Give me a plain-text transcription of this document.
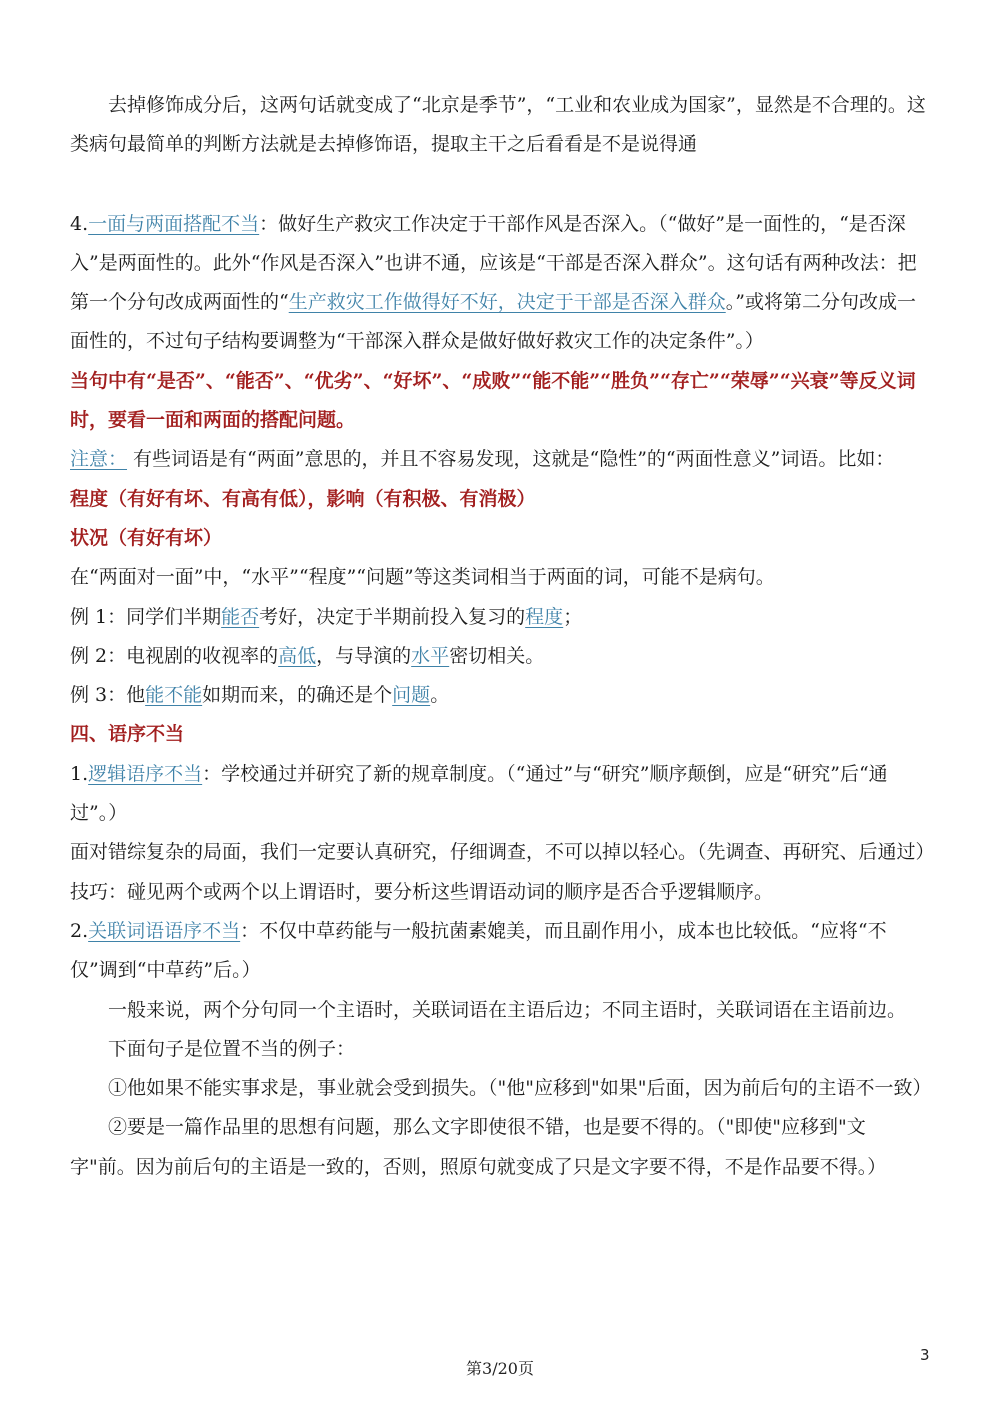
去掉修饰成分后，这两句话就变成了“北京是季节”，“工业和农业成为国家”，显然是不合理的。这类病句最简单的判断方法就是去掉修饰语，提取主干之后看看是不是说得通

4.一面与两面搭配不当：做好生产救灾工作决定于干部作风是否深入。（“做好”是一面性的，“是否深入”是两面性的。此外“作风是否深入”也讲不通，应该是“干部是否深入群众”。这句话有两种改法：把第一个分句改成两面性的“生产救灾工作做得好不好，决定于干部是否深入群众。”或将第二分句改成一面性的，不过句子结构要调整为“干部深入群众是做好做好救灾工作的决定条件”。）

当句中有“是否”、“能否”、“优劣”、“好坏”、“成败”“能不能”“胜负”“存亡”“荣辱”“兴衰”等反义词时，要看一面和两面的搭配问题。

注意： 有些词语是有“两面”意思的，并且不容易发现，这就是“隐性”的“两面性意义”词语。比如：

程度（有好有坏、有高有低），影响（有积极、有消极）

状况（有好有坏）

在“两面对一面”中，“水平”“程度”“问题”等这类词相当于两面的词，可能不是病句。

例 1：同学们半期能否考好，决定于半期前投入复习的程度；

例 2：电视剧的收视率的高低，与导演的水平密切相关。

例 3：他能不能如期而来，的确还是个问题。

四、语序不当

1.逻辑语序不当：学校通过并研究了新的规章制度。（“通过”与“研究”顺序颠倒，应是“研究”后“通过”。）

面对错综复杂的局面，我们一定要认真研究，仔细调查，不可以掉以轻心。（先调查、再研究、后通过）

技巧：碰见两个或两个以上谓语时，要分析这些谓语动词的顺序是否合乎逻辑顺序。

2.关联词语语序不当：不仅中草药能与一般抗菌素媲美，而且副作用小，成本也比较低。“应将“不仅”调到“中草药”后。）

一般来说，两个分句同一个主语时，关联词语在主语后边；不同主语时，关联词语在主语前边。

下面句子是位置不当的例子：

①他如果不能实事求是，事业就会受到损失。（"他"应移到"如果"后面，因为前后句的主语不一致）

②要是一篇作品里的思想有问题，那么文字即使很不错，也是要不得的。（"即使"应移到"文字"前。因为前后句的主语是一致的，否则，照原句就变成了只是文字要不得，不是作品要不得。）

第3/20页
3
